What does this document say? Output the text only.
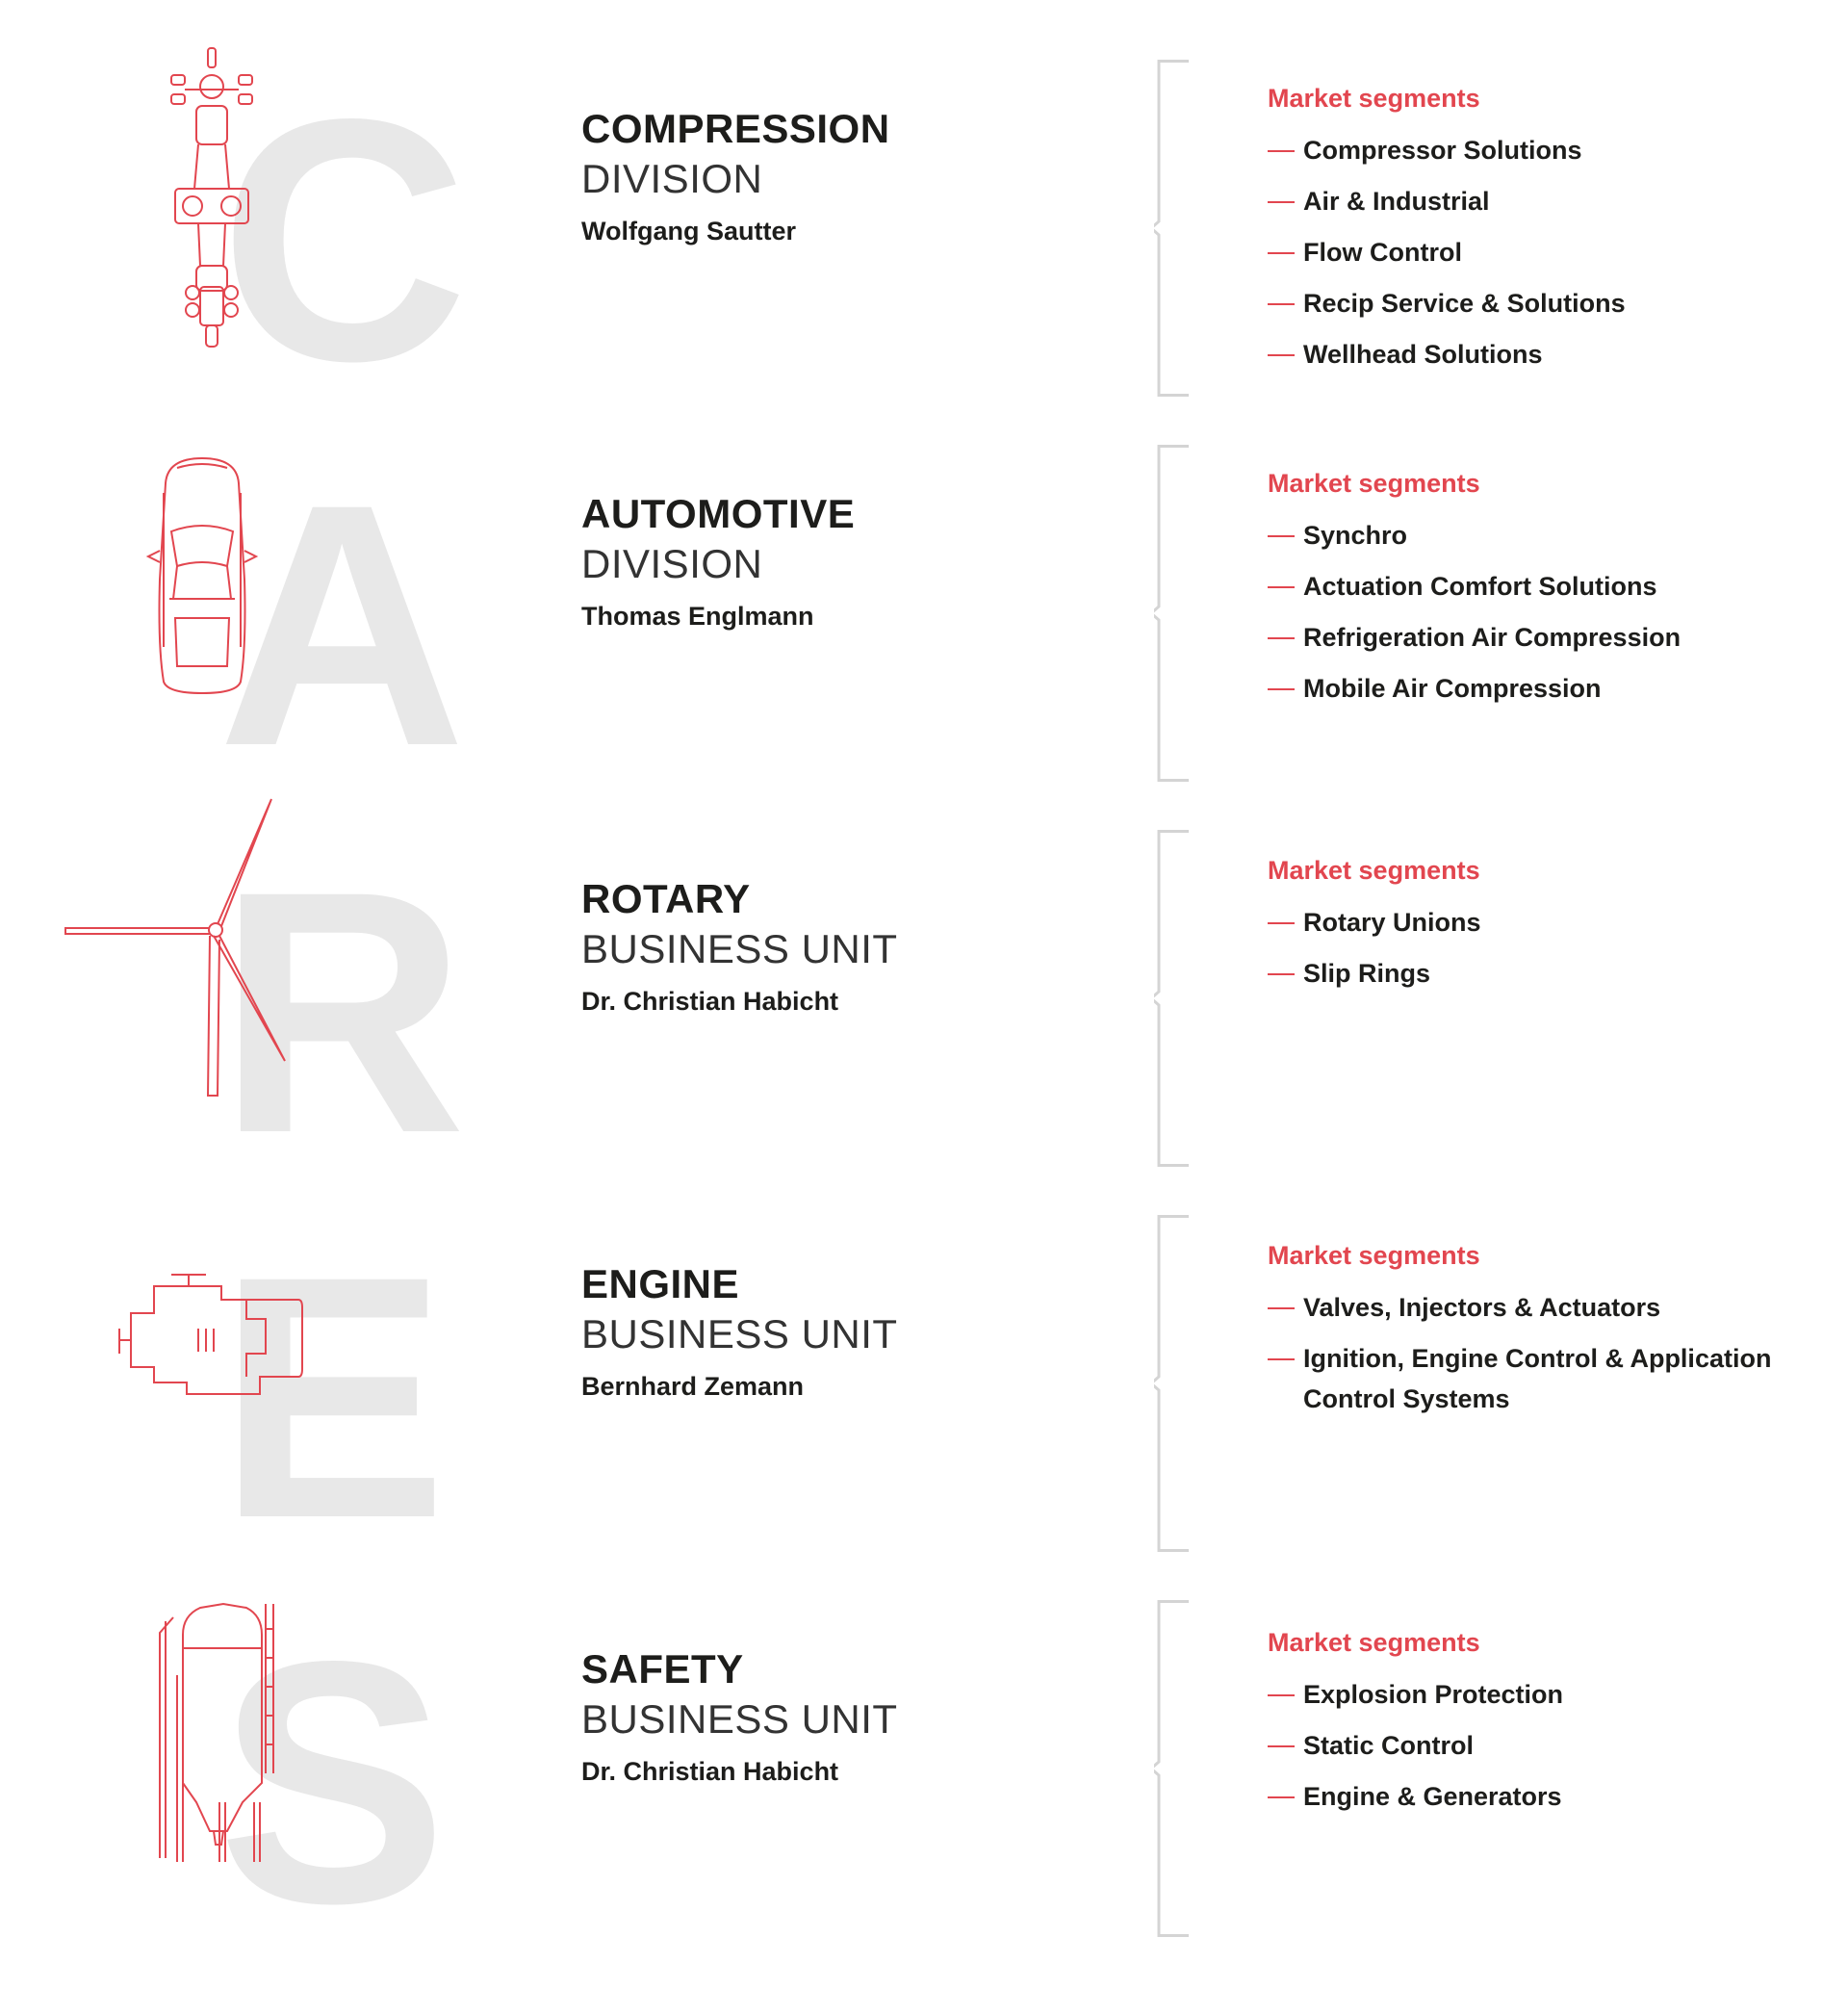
C	COMPRESSION
DIVISION
Wolfgang Sautter
Market segments
Compressor Solutions
Air & Industrial
Flow Control
Recip Service & Solutions
Wellhead Solutions
A	AUTOMOTIVE
DIVISION
Thomas Englmann
Market segments
Synchro
Actuation Comfort Solutions
Refrigeration Air Compression
Mobile Air Compression
R	ROTARY
BUSINESS UNIT
Dr. Christian Habicht
Market segments
Rotary Unions
Slip Rings
E	ENGINE
BUSINESS UNIT
Bernhard Zemann
Market segments
Valves, Injectors & Actuators
Ignition, Engine Control & Application Control Systems
S	SAFETY
BUSINESS UNIT
Dr. Christian Habicht
Market segments
Explosion Protection
Static Control
Engine & Generators
